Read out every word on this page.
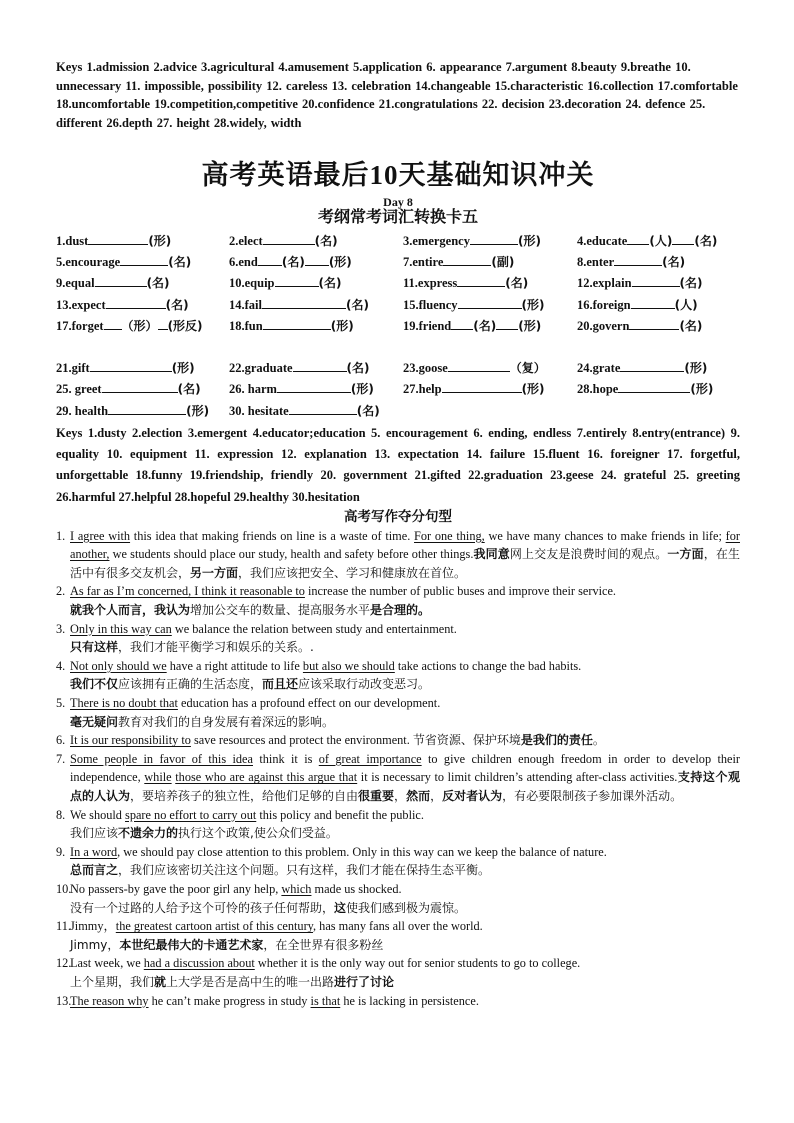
Keys 1.admission 2.advice 3.agricultural 4.amusement 5.application 6. appearance 7.argument 8.beauty 9.breathe 10. unnecessary 11. impossible, possibility 12. careless 13. celebration 14.changeable 15.characteristic 16.collection 17.comfortable 18.uncomfortable 19.competition,competitive 20.confidence 21.congratulations 22. decision 23.decoration 24. defence 25. different 26.depth 27. height 28.widely, width
高考英语最后10天基础知识冲关
Day 8
考纲常考词汇转换卡五
1.dust	(形)	2.elect	(名)	3.emergency	(形)	4.educate (人) (名)
5.encourage	(名)	6.end (名) (形)	7.entire	(副)	8.enter	(名)
9.equal	(名)	10.equip	(名)	11.express	(名)	12.explain	(名)
13.expect	(名)	14.fail	(名)	15.fluency	(形)	16.foreign	(人)
17.forget （形） (形反)	18.fun	(形)	19.friend (名) (形)	20.govern	(名)
21.gift	(形)	22.graduate	(名)	23.goose	（复）	24.grate	(形)
25. greet	(名)	26. harm	(形)	27.help	(形)	28.hope	(形)
29. health	(形)	30. hesitate	(名)
Keys 1.dusty 2.election 3.emergent 4.educator;education 5. encouragement 6. ending, endless 7.entirely 8.entry(entrance) 9. equality 10. equipment 11. expression 12. explanation 13. expectation 14. failure 15.fluent 16. foreigner 17. forgetful, unforgettable 18.funny 19.friendship, friendly 20. government 21.gifted 22.graduation 23.geese 24. grateful 25. greeting 26.harmful 27.helpful 28.hopeful 29.healthy 30.hesitation
高考写作夺分句型
1. I agree with this idea that making friends on line is a waste of time. For one thing, we have many chances to make friends in life; for another, we students should place our study, health and safety before other things.我同意网上交友是浪费时间的观点。一方面，在生活中有很多交友机会，另一方面，我们应该把安全、学习和健康放在首位。
2. As far as I’m concerned, I think it reasonable to increase the number of public buses and improve their service.
就我个人而言，我认为增加公交车的数量、提高服务水平是合理的。
3. Only in this way can we balance the relation between study and entertainment.
只有这样，我们才能平衡学习和娱乐的关系。.
4. Not only should we have a right attitude to life but also we should take actions to change the bad habits.
我们不仅应该拥有正确的生活态度，而且还应该采取行动改变恶习。
5. There is no doubt that education has a profound effect on our development.
毫无疑问教育对我们的自身发展有着深远的影响。
6. It is our responsibility to save resources and protect the environment. 节省资源、保护环境是我们的责任。
7. Some people in favor of this idea think it is of great importance to give children enough freedom in order to develop their independence, while those who are against this argue that it is necessary to limit children’s attending after-class activities.支持这个观点的人认为，要培养孩子的独立性，给他们足够的自由很重要，然而，反对者认为，有必要限制孩子参加课外活动。
8. We should spare no effort to carry out this policy and benefit the public.
我们应该不遗余力的执行这个政策,使公众们受益。
9. In a word, we should pay close attention to this problem. Only in this way can we keep the balance of nature.
总而言之，我们应该密切关注这个问题。只有这样，我们才能在保持生态平衡。
10.
No passers-by gave the poor girl any help, which made us shocked.
没有一个过路的人给予这个可怜的孩子任何帮助，这使我们感到极为震惊。
11. Jimmy，the greatest cartoon artist of this century, has many fans all over the world.
Jimmy，本世纪最伟大的卡通艺术家，在全世界有很多粉丝
12.
Last week, we had a discussion about whether it is the only way out for senior students to go to college.
上个星期，我们就上大学是否是高中生的唯一出路进行了讨论
13.
The reason why he can’t make progress in study is that he is lacking in persistence.
